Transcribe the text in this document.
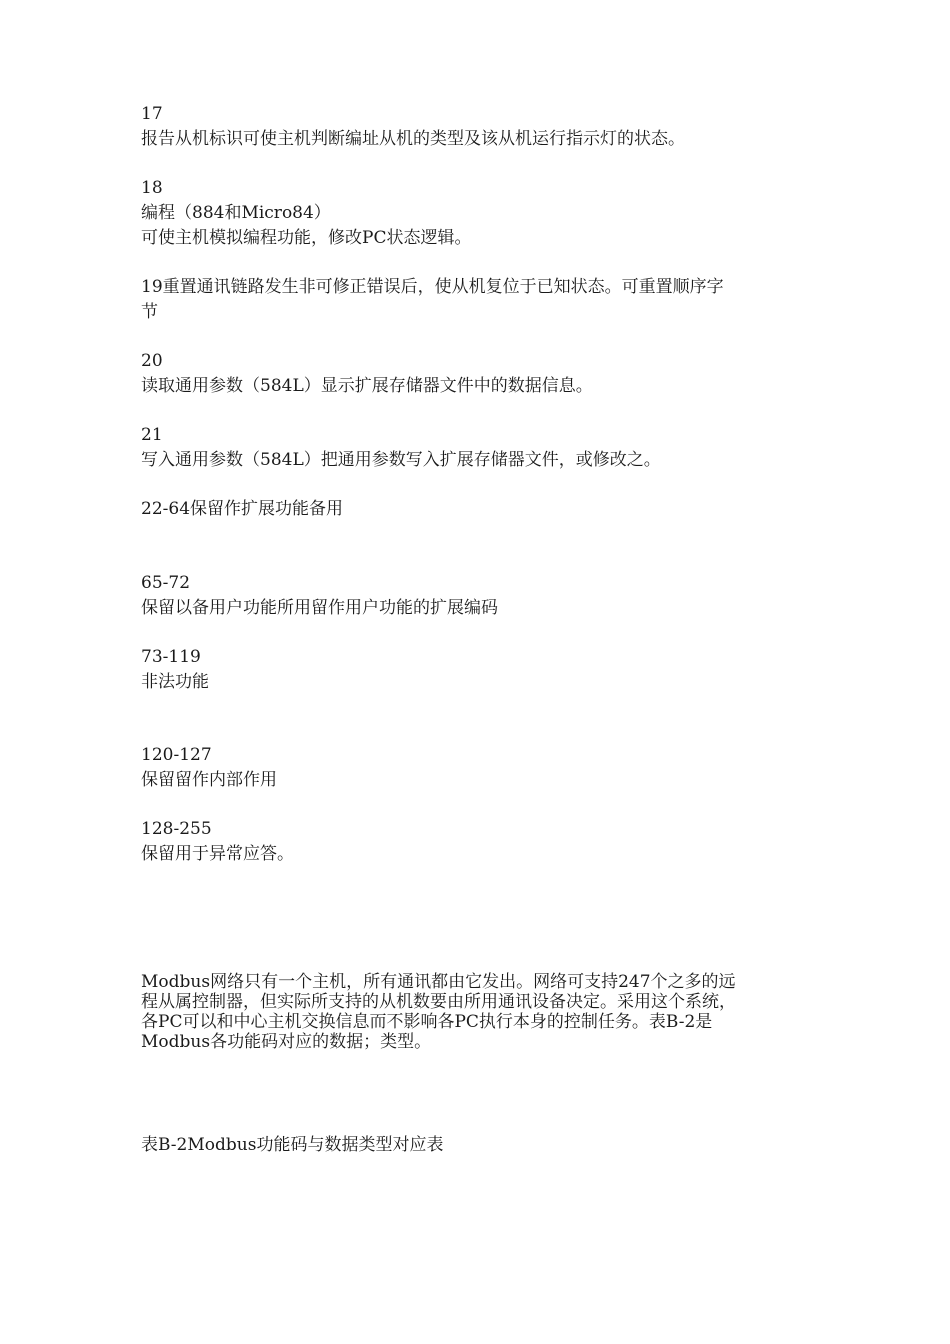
17
报告从机标识可使主机判断编址从机的类型及该从机运行指示灯的状态。
18
编程（884和Micro84）
可使主机模拟编程功能，修改PC状态逻辑。
19重置通讯链路发生非可修正错误后，使从机复位于已知状态。可重置顺序字
节
20
读取通用参数（584L）显示扩展存储器文件中的数据信息。
21
写入通用参数（584L）把通用参数写入扩展存储器文件，或修改之。
22-64保留作扩展功能备用
65-72
保留以备用户功能所用留作用户功能的扩展编码
73-119
非法功能
120-127
保留留作内部作用
128-255
保留用于异常应答。
Modbus网络只有一个主机，所有通讯都由它发出。网络可支持247个之多的远
程从属控制器，但实际所支持的从机数要由所用通讯设备决定。采用这个系统，
各PC可以和中心主机交换信息而不影响各PC执行本身的控制任务。表B-2是
Modbus各功能码对应的数据；类型。
表B-2Modbus功能码与数据类型对应表
